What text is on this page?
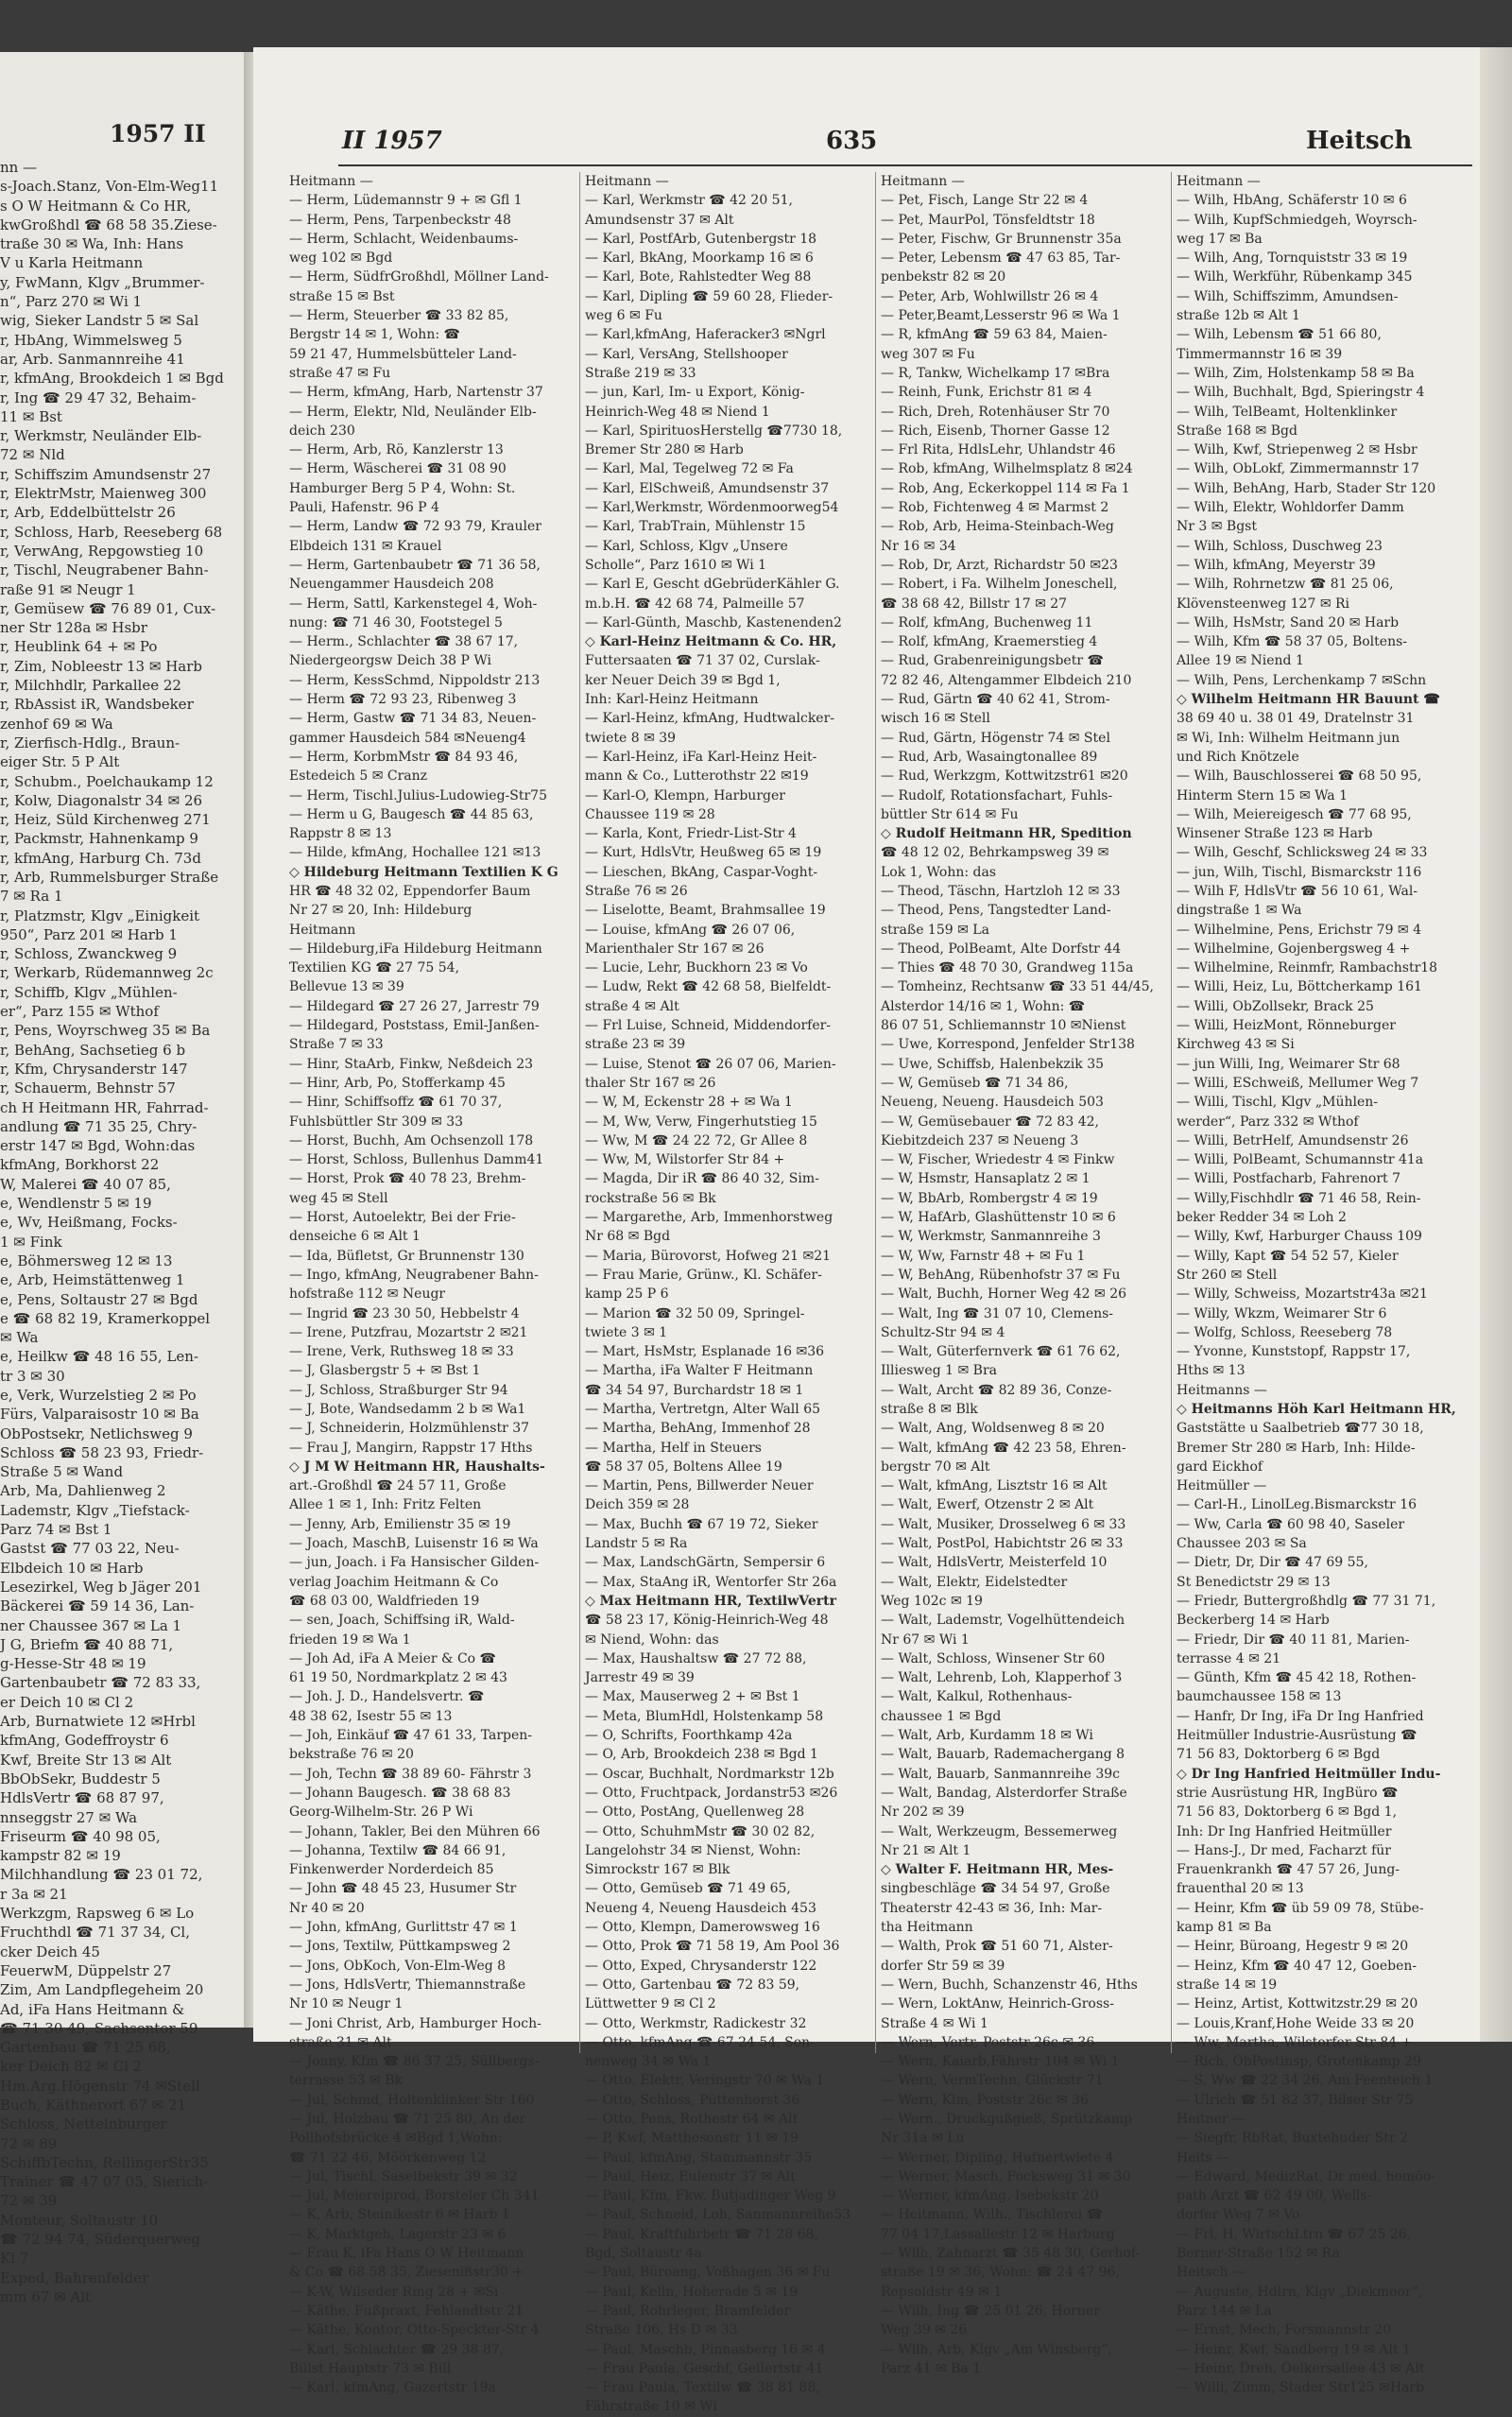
1957 II
nn —
s-Joach.Stanz, Von-Elm-Weg11
s O W Heitmann & Co HR,
kwGroßhdl ☎ 68 58 35.Ziese-
traße 30 ✉ Wa, Inh: Hans
V u Karla Heitmann
y, FwMann, Klgv „Brummer-
n“, Parz 270 ✉ Wi 1
wig, Sieker Landstr 5 ✉ Sal
r, HbAng, Wimmelsweg 5
ar, Arb. Sanmannreihe 41
r, kfmAng, Brookdeich 1 ✉ Bgd
r, Ing ☎ 29 47 32, Behaim-
11 ✉ Bst
r, Werkmstr, Neuländer Elb-
72 ✉ Nld
r, Schiffszim Amundsenstr 27
r, ElektrMstr, Maienweg 300
r, Arb, Eddelbüttelstr 26
r, Schloss, Harb, Reeseberg 68
r, VerwAng, Repgowstieg 10
r, Tischl, Neugrabener Bahn-
raße 91 ✉ Neugr 1
r, Gemüsew ☎ 76 89 01, Cux-
ner Str 128a ✉ Hsbr
r, Heublink 64 + ✉ Po
r, Zim, Nobleestr 13 ✉ Harb
r, Milchhdlr, Parkallee 22
r, RbAssist iR, Wandsbeker
zenhof 69 ✉ Wa
r, Zierfisch-Hdlg., Braun-
eiger Str. 5 P Alt
r, Schubm., Poelchaukamp 12
r, Kolw, Diagonalstr 34 ✉ 26
r, Heiz, Süld Kirchenweg 271
r, Packmstr, Hahnenkamp 9
r, kfmAng, Harburg Ch. 73d
r, Arb, Rummelsburger Straße
7 ✉ Ra 1
r, Platzmstr, Klgv „Einigkeit
950“, Parz 201 ✉ Harb 1
r, Schloss, Zwanckweg 9
r, Werkarb, Rüdemannweg 2c
r, Schiffb, Klgv „Mühlen-
er“, Parz 155 ✉ Wthof
r, Pens, Woyrschweg 35 ✉ Ba
r, BehAng, Sachsetieg 6 b
r, Kfm, Chrysanderstr 147
r, Schauerm, Behnstr 57
ch H Heitmann HR, Fahrrad-
andlung ☎ 71 35 25, Chry-
erstr 147 ✉ Bgd, Wohn:das
kfmAng, Borkhorst 22
W, Malerei ☎ 40 07 85,
e, Wendlenstr 5 ✉ 19
e, Wv, Heißmang, Focks-
1 ✉ Fink
e, Böhmersweg 12 ✉ 13
e, Arb, Heimstättenweg 1
e, Pens, Soltaustr 27 ✉ Bgd
e ☎ 68 82 19, Kramerkoppel
✉ Wa
e, Heilkw ☎ 48 16 55, Len-
tr 3 ✉ 30
e, Verk, Wurzelstieg 2 ✉ Po
Fürs, Valparaisostr 10 ✉ Ba
ObPostsekr, Netlichsweg 9
Schloss ☎ 58 23 93, Friedr-
Straße 5 ✉ Wand
Arb, Ma, Dahlienweg 2
Lademstr, Klgv „Tiefstack-
Parz 74 ✉ Bst 1
Gastst ☎ 77 03 22, Neu-
Elbdeich 10 ✉ Harb
Lesezirkel, Weg b Jäger 201
Bäckerei ☎ 59 14 36, Lan-
ner Chaussee 367 ✉ La 1
J G, Briefm ☎ 40 88 71,
g-Hesse-Str 48 ✉ 19
Gartenbaubetr ☎ 72 83 33,
er Deich 10 ✉ Cl 2
Arb, Burnatwiete 12 ✉Hrbl
kfmAng, Godeffroystr 6
Kwf, Breite Str 13 ✉ Alt
BbObSekr, Buddestr 5
HdlsVertr ☎ 68 87 97,
nnseggstr 27 ✉ Wa
Friseurm ☎ 40 98 05,
kampstr 82 ✉ 19
Milchhandlung ☎ 23 01 72,
r 3a ✉ 21
Werkzgm, Rapsweg 6 ✉ Lo
Fruchthdl ☎ 71 37 34, Cl,
cker Deich 45
FeuerwM, Düppelstr 27
Zim, Am Landpflegeheim 20
Ad, iFa Hans Heitmann &
☎ 71 30 49, Sachsentor 59
Gartenbau ☎ 71 25 68,
ker Deich 82 ✉ Cl 2
Hm.Arg.Högenstr 74 ✉Stell
Buch, Käthnerort 67 ✉ 21
Schloss, Nettelnburger
72 ✉ 89
SchiffbTechn, RellingerStr35
Trainer ☎ 47 07 05, Sierich-
72 ✉ 39
Monteur, Soltaustr 10
☎ 72 94 74, Süderquerweg
Ki 7
Exped, Bahrenfelder
mm 67 ✉ Alt
II 1957	635	Heitsch
Heitmann —
— Herm, Lüdemannstr 9 + ✉ Gfl 1
— Herm, Pens, Tarpenbeckstr 48
— Herm, Schlacht, Weidenbaums-
weg 102 ✉ Bgd
— Herm, SüdfrGroßhdl, Möllner Land-
straße 15 ✉ Bst
— Herm, Steuerber ☎ 33 82 85,
Bergstr 14 ✉ 1, Wohn: ☎
59 21 47, Hummelsbütteler Land-
straße 47 ✉ Fu
— Herm, kfmAng, Harb, Nartenstr 37
— Herm, Elektr, Nld, Neuländer Elb-
deich 230
— Herm, Arb, Rö, Kanzlerstr 13
— Herm, Wäscherei ☎ 31 08 90
Hamburger Berg 5 P 4, Wohn: St.
Pauli, Hafenstr. 96 P 4
— Herm, Landw ☎ 72 93 79, Krauler
Elbdeich 131 ✉ Krauel
— Herm, Gartenbaubetr ☎ 71 36 58,
Neuengammer Hausdeich 208
— Herm, Sattl, Karkenstegel 4, Woh-
nung: ☎ 71 46 30, Footstegel 5
— Herm., Schlachter ☎ 38 67 17,
Niedergeorgsw Deich 38 P Wi
— Herm, KessSchmd, Nippoldstr 213
— Herm ☎ 72 93 23, Ribenweg 3
— Herm, Gastw ☎ 71 34 83, Neuen-
gammer Hausdeich 584 ✉Neueng4
— Herm, KorbmMstr ☎ 84 93 46,
Estedeich 5 ✉ Cranz
— Herm, Tischl.Julius-Ludowieg-Str75
— Herm u G, Baugesch ☎ 44 85 63,
Rappstr 8 ✉ 13
— Hilde, kfmAng, Hochallee 121 ✉13
◇ Hildeburg Heitmann Textilien K G
HR ☎ 48 32 02, Eppendorfer Baum
Nr 27 ✉ 20, Inh: Hildeburg
Heitmann
— Hildeburg,iFa Hildeburg Heitmann
Textilien KG ☎ 27 75 54,
Bellevue 13 ✉ 39
— Hildegard ☎ 27 26 27, Jarrestr 79
— Hildegard, Poststass, Emil-Janßen-
Straße 7 ✉ 33
— Hinr, StaArb, Finkw, Neßdeich 23
— Hinr, Arb, Po, Stofferkamp 45
— Hinr, Schiffsoffz ☎ 61 70 37,
Fuhlsbüttler Str 309 ✉ 33
— Horst, Buchh, Am Ochsenzoll 178
— Horst, Schloss, Bullenhus Damm41
— Horst, Prok ☎ 40 78 23, Brehm-
weg 45 ✉ Stell
— Horst, Autoelektr, Bei der Frie-
denseiche 6 ✉ Alt 1
— Ida, Büfletst, Gr Brunnenstr 130
— Ingo, kfmAng, Neugrabener Bahn-
hofstraße 112 ✉ Neugr
— Ingrid ☎ 23 30 50, Hebbelstr 4
— Irene, Putzfrau, Mozartstr 2 ✉21
— Irene, Verk, Ruthsweg 18 ✉ 33
— J, Glasbergstr 5 + ✉ Bst 1
— J, Schloss, Straßburger Str 94
— J, Bote, Wandsedamm 2 b ✉ Wa1
— J, Schneiderin, Holzmühlenstr 37
— Frau J, Mangirn, Rappstr 17 Hths
◇ J M W Heitmann HR, Haushalts-
art.-Großhdl ☎ 24 57 11, Große
Allee 1 ✉ 1, Inh: Fritz Felten
— Jenny, Arb, Emilienstr 35 ✉ 19
— Joach, MaschB, Luisenstr 16 ✉ Wa
— jun, Joach. i Fa Hansischer Gilden-
verlag Joachim Heitmann & Co
☎ 68 03 00, Waldfrieden 19
— sen, Joach, Schiffsing iR, Wald-
frieden 19 ✉ Wa 1
— Joh Ad, iFa A Meier & Co ☎
61 19 50, Nordmarkplatz 2 ✉ 43
— Joh. J. D., Handelsvertr. ☎
48 38 62, Isestr 55 ✉ 13
— Joh, Einkäuf ☎ 47 61 33, Tarpen-
bekstraße 76 ✉ 20
— Joh, Techn ☎ 38 89 60- Fährstr 3
— Johann Baugesch. ☎ 38 68 83
Georg-Wilhelm-Str. 26 P Wi
— Johann, Takler, Bei den Mühren 66
— Johanna, Textilw ☎ 84 66 91,
Finkenwerder Norderdeich 85
— John ☎ 48 45 23, Husumer Str
Nr 40 ✉ 20
— John, kfmAng, Gurlittstr 47 ✉ 1
— Jons, Textilw, Püttkampsweg 2
— Jons, ObKoch, Von-Elm-Weg 8
— Jons, HdlsVertr, Thiemannstraße
Nr 10 ✉ Neugr 1
— Joni Christ, Arb, Hamburger Hoch-
straße 31 ✉ Alt
— Jonny, Kfm ☎ 86 37 25, Süllbergs-
terrasse 53 ✉ Bk
— Jul, Schmd, Holtenklinker Str 160
— Jul, Holzbau ☎ 71 25 80, An der
Pollhofsbrücke 4 ✉Bgd 1,Wohn:
☎ 71 22 46, Möörkenweg 12
— Jul, Tischl, Saselbekstr 39 ✉ 32
— Jul, Meiereiprod, Borsteler Ch 341
— K, Arb, Steinikestr 6 ✉ Harb 1
— K, Marktgeh, Lagerstr 23 ✉ 6
— Frau K, iFa Hans O W Heitmann
& Co ☎ 68 58 35, Ziesenißstr30 +
— K-W, Wilseder Ring 28 + ✉Si
— Käthe, Fußpraxt, Fehlandtstr 21
— Käthe, Kontor, Otto-Speckter-Str 4
— Karl, Schlachter ☎ 29 38 87,
Billst Hauptstr 73 ✉ Bill
— Karl, kfmAng, Gazertstr 19a
Heitmann —
— Karl, Werkmstr ☎ 42 20 51,
Amundsenstr 37 ✉ Alt
— Karl, PostfArb, Gutenbergstr 18
— Karl, BkAng, Moorkamp 16 ✉ 6
— Karl, Bote, Rahlstedter Weg 88
— Karl, Dipling ☎ 59 60 28, Flieder-
weg 6 ✉ Fu
— Karl,kfmAng, Haferacker3 ✉Ngrl
— Karl, VersAng, Stellshooper
Straße 219 ✉ 33
— jun, Karl, Im- u Export, König-
Heinrich-Weg 48 ✉ Niend 1
— Karl, SpirituosHerstellg ☎7730 18,
Bremer Str 280 ✉ Harb
— Karl, Mal, Tegelweg 72 ✉ Fa
— Karl, ElSchweiß, Amundsenstr 37
— Karl,Werkmstr, Wördenmoorweg54
— Karl, TrabTrain, Mühlenstr 15
— Karl, Schloss, Klgv „Unsere
Scholle“, Parz 1610 ✉ Wi 1
— Karl E, Gescht dGebrüderKähler G.
m.b.H. ☎ 42 68 74, Palmeille 57
— Karl-Günth, Maschb, Kastenenden2
◇ Karl-Heinz Heitmann & Co. HR,
Futtersaaten ☎ 71 37 02, Curslak-
ker Neuer Deich 39 ✉ Bgd 1,
Inh: Karl-Heinz Heitmann
— Karl-Heinz, kfmAng, Hudtwalcker-
twiete 8 ✉ 39
— Karl-Heinz, iFa Karl-Heinz Heit-
mann & Co., Lutterothstr 22 ✉19
— Karl-O, Klempn, Harburger
Chaussee 119 ✉ 28
— Karla, Kont, Friedr-List-Str 4
— Kurt, HdlsVtr, Heußweg 65 ✉ 19
— Lieschen, BkAng, Caspar-Voght-
Straße 76 ✉ 26
— Liselotte, Beamt, Brahmsallee 19
— Louise, kfmAng ☎ 26 07 06,
Marienthaler Str 167 ✉ 26
— Lucie, Lehr, Buckhorn 23 ✉ Vo
— Ludw, Rekt ☎ 42 68 58, Bielfeldt-
straße 4 ✉ Alt
— Frl Luise, Schneid, Middendorfer-
straße 23 ✉ 39
— Luise, Stenot ☎ 26 07 06, Marien-
thaler Str 167 ✉ 26
— W, M, Eckenstr 28 + ✉ Wa 1
— M, Ww, Verw, Fingerhutstieg 15
— Ww, M ☎ 24 22 72, Gr Allee 8
— Ww, M, Wilstorfer Str 84 +
— Magda, Dir iR ☎ 86 40 32, Sim-
rockstraße 56 ✉ Bk
— Margarethe, Arb, Immenhorstweg
Nr 68 ✉ Bgd
— Maria, Bürovorst, Hofweg 21 ✉21
— Frau Marie, Grünw., Kl. Schäfer-
kamp 25 P 6
— Marion ☎ 32 50 09, Springel-
twiete 3 ✉ 1
— Mart, HsMstr, Esplanade 16 ✉36
— Martha, iFa Walter F Heitmann
☎ 34 54 97, Burchardstr 18 ✉ 1
— Martha, Vertretgn, Alter Wall 65
— Martha, BehAng, Immenhof 28
— Martha, Helf in Steuers
☎ 58 37 05, Boltens Allee 19
— Martin, Pens, Billwerder Neuer
Deich 359 ✉ 28
— Max, Buchh ☎ 67 19 72, Sieker
Landstr 5 ✉ Ra
— Max, LandschGärtn, Sempersir 6
— Max, StaAng iR, Wentorfer Str 26a
◇ Max Heitmann HR, TextilwVertr
☎ 58 23 17, König-Heinrich-Weg 48
✉ Niend, Wohn: das
— Max, Haushaltsw ☎ 27 72 88,
Jarrestr 49 ✉ 39
— Max, Mauserweg 2 + ✉ Bst 1
— Meta, BlumHdl, Holstenkamp 58
— O, Schrifts, Foorthkamp 42a
— O, Arb, Brookdeich 238 ✉ Bgd 1
— Oscar, Buchhalt, Nordmarkstr 12b
— Otto, Fruchtpack, Jordanstr53 ✉26
— Otto, PostAng, Quellenweg 28
— Otto, SchuhmMstr ☎ 30 02 82,
Langelohstr 34 ✉ Nienst, Wohn:
Simrockstr 167 ✉ Blk
— Otto, Gemüseb ☎ 71 49 65,
Neueng 4, Neueng Hausdeich 453
— Otto, Klempn, Damerowsweg 16
— Otto, Prok ☎ 71 58 19, Am Pool 36
— Otto, Exped, Chrysanderstr 122
— Otto, Gartenbau ☎ 72 83 59,
Lüttwetter 9 ✉ Cl 2
— Otto, Werkmstr, Radickestr 32
— Otto, kfmAng ☎ 67 24 54, Son-
nenweg 34 ✉ Wa 1
— Otto, Elektr, Veringstr 70 ✉ Wa 1
— Otto, Schloss, Püttenhorst 36
— Otto, Pens, Rothestr 64 ✉ Alt
— P, Kwf, Matthesonstr 11 ✉ 19
— Paul, kfmAng, Stammannstr 35
— Paul, Heiz, Eulenstr 37 ✉ Alt
— Paul, Kfm, Fkw, Butjadinger Weg 9
— Paul, Schneid, Loh, Sanmannreihe53
— Paul, Kraftfuhrbetr ☎ 71 28 68,
Bgd, Soltaustr 4a
— Paul, Büroang, Voßhagen 36 ✉ Fu
— Paul, Kelln, Hoherade 5 ✉ 19
— Paul, Rohrleger, Bramfelder
Straße 106, Hs D ✉ 33
— Paul, Maschb, Pinnasberg 16 ✉ 4
— Frau Paula, Geschf, Gellertstr 41
— Frau Paula, Textilw ☎ 38 81 88,
Fährstraße 10 ✉ Wi
Heitmann —
— Pet, Fisch, Lange Str 22 ✉ 4
— Pet, MaurPol, Tönsfeldtstr 18
— Peter, Fischw, Gr Brunnenstr 35a
— Peter, Lebensm ☎ 47 63 85, Tar-
penbekstr 82 ✉ 20
— Peter, Arb, Wohlwillstr 26 ✉ 4
— Peter,Beamt,Lesserstr 96 ✉ Wa 1
— R, kfmAng ☎ 59 63 84, Maien-
weg 307 ✉ Fu
— R, Tankw, Wichelkamp 17 ✉Bra
— Reinh, Funk, Erichstr 81 ✉ 4
— Rich, Dreh, Rotenhäuser Str 70
— Rich, Eisenb, Thorner Gasse 12
— Frl Rita, HdlsLehr, Uhlandstr 46
— Rob, kfmAng, Wilhelmsplatz 8 ✉24
— Rob, Ang, Eckerkoppel 114 ✉ Fa 1
— Rob, Fichtenweg 4 ✉ Marmst 2
— Rob, Arb, Heima-Steinbach-Weg
Nr 16 ✉ 34
— Rob, Dr, Arzt, Richardstr 50 ✉23
— Robert, i Fa. Wilhelm Joneschell,
☎ 38 68 42, Billstr 17 ✉ 27
— Rolf, kfmAng, Buchenweg 11
— Rolf, kfmAng, Kraemerstieg 4
— Rud, Grabenreinigungsbetr ☎
72 82 46, Altengammer Elbdeich 210
— Rud, Gärtn ☎ 40 62 41, Strom-
wisch 16 ✉ Stell
— Rud, Gärtn, Högenstr 74 ✉ Stel
— Rud, Arb, Wasaingtonallee 89
— Rud, Werkzgm, Kottwitzstr61 ✉20
— Rudolf, Rotationsfachart, Fuhls-
büttler Str 614 ✉ Fu
◇ Rudolf Heitmann HR, Spedition
☎ 48 12 02, Behrkampsweg 39 ✉
Lok 1, Wohn: das
— Theod, Täschn, Hartzloh 12 ✉ 33
— Theod, Pens, Tangstedter Land-
straße 159 ✉ La
— Theod, PolBeamt, Alte Dorfstr 44
— Thies ☎ 48 70 30, Grandweg 115a
— Tomheinz, Rechtsanw ☎ 33 51 44/45,
Alsterdor 14/16 ✉ 1, Wohn: ☎
86 07 51, Schliemannstr 10 ✉Nienst
— Uwe, Korrespond, Jenfelder Str138
— Uwe, Schiffsb, Halenbekzik 35
— W, Gemüseb ☎ 71 34 86,
Neueng, Neueng. Hausdeich 503
— W, Gemüsebauer ☎ 72 83 42,
Kiebitzdeich 237 ✉ Neueng 3
— W, Fischer, Wriedestr 4 ✉ Finkw
— W, Hsmstr, Hansaplatz 2 ✉ 1
— W, BbArb, Rombergstr 4 ✉ 19
— W, HafArb, Glashüttenstr 10 ✉ 6
— W, Werkmstr, Sanmannreihe 3
— W, Ww, Farnstr 48 + ✉ Fu 1
— W, BehAng, Rübenhofstr 37 ✉ Fu
— Walt, Buchh, Horner Weg 42 ✉ 26
— Walt, Ing ☎ 31 07 10, Clemens-
Schultz-Str 94 ✉ 4
— Walt, Güterfernverk ☎ 61 76 62,
Illiesweg 1 ✉ Bra
— Walt, Archt ☎ 82 89 36, Conze-
straße 8 ✉ Blk
— Walt, Ang, Woldsenweg 8 ✉ 20
— Walt, kfmAng ☎ 42 23 58, Ehren-
bergstr 70 ✉ Alt
— Walt, kfmAng, Lisztstr 16 ✉ Alt
— Walt, Ewerf, Otzenstr 2 ✉ Alt
— Walt, Musiker, Drosselweg 6 ✉ 33
— Walt, PostPol, Habichtstr 26 ✉ 33
— Walt, HdlsVertr, Meisterfeld 10
— Walt, Elektr, Eidelstedter
Weg 102c ✉ 19
— Walt, Lademstr, Vogelhüttendeich
Nr 67 ✉ Wi 1
— Walt, Schloss, Winsener Str 60
— Walt, Lehrenb, Loh, Klapperhof 3
— Walt, Kalkul, Rothenhaus-
chaussee 1 ✉ Bgd
— Walt, Arb, Kurdamm 18 ✉ Wi
— Walt, Bauarb, Rademachergang 8
— Walt, Bauarb, Sanmannreihe 39c
— Walt, Bandag, Alsterdorfer Straße
Nr 202 ✉ 39
— Walt, Werkzeugm, Bessemerweg
Nr 21 ✉ Alt 1
◇ Walter F. Heitmann HR, Mes-
singbeschläge ☎ 34 54 97, Große
Theaterstr 42-43 ✉ 36, Inh: Mar-
tha Heitmann
— Walth, Prok ☎ 51 60 71, Alster-
dorfer Str 59 ✉ 39
— Wern, Buchh, Schanzenstr 46, Hths
— Wern, LoktAnw, Heinrich-Gross-
Straße 4 ✉ Wi 1
— Wern, Vertr, Poststr 26c ✉ 36
— Wern, Kaiarb,Fährstr 104 ✉ Wi 1
— Wern, VermTechn, Glückstr 71
— Wern, Klm, Poststr 26c ✉ 36
— Wern., Druckgußgieß, Sprützkamp
Nr 31a ✉ Lu
— Werner, Dipling, Hufnertwiete 4
— Werner, Masch, Focksweg 31 ✉ 30
— Werner, kfmAng, Isebekstr 20
— Heitmann, Wilh., Tischlerei ☎
77 04 17,Lassallestr 12 ✉ Harburg
— Wilh, Zahnarzt ☎ 35 48 30, Gerhof-
straße 19 ✉ 36, Wohn: ☎ 24 47 96,
Repsoldstr 49 ✉ 1
— Wilh, Ing ☎ 25 01 26, Horner
Weg 39 ✉ 26
— Wilh, Arb, Klgv „Am Winsberg“,
Parz 41 ✉ Ba 1
Heitmann —
— Wilh, HbAng, Schäferstr 10 ✉ 6
— Wilh, KupfSchmiedgeh, Woyrsch-
weg 17 ✉ Ba
— Wilh, Ang, Tornquiststr 33 ✉ 19
— Wilh, Werkführ, Rübenkamp 345
— Wilh, Schiffszimm, Amundsen-
straße 12b ✉ Alt 1
— Wilh, Lebensm ☎ 51 66 80,
Timmermannstr 16 ✉ 39
— Wilh, Zim, Holstenkamp 58 ✉ Ba
— Wilh, Buchhalt, Bgd, Spieringstr 4
— Wilh, TelBeamt, Holtenklinker
Straße 168 ✉ Bgd
— Wilh, Kwf, Striepenweg 2 ✉ Hsbr
— Wilh, ObLokf, Zimmermannstr 17
— Wilh, BehAng, Harb, Stader Str 120
— Wilh, Elektr, Wohldorfer Damm
Nr 3 ✉ Bgst
— Wilh, Schloss, Duschweg 23
— Wilh, kfmAng, Meyerstr 39
— Wilh, Rohrnetzw ☎ 81 25 06,
Klövensteenweg 127 ✉ Ri
— Wilh, HsMstr, Sand 20 ✉ Harb
— Wilh, Kfm ☎ 58 37 05, Boltens-
Allee 19 ✉ Niend 1
— Wilh, Pens, Lerchenkamp 7 ✉Schn
◇ Wilhelm Heitmann HR Bauunt ☎
38 69 40 u. 38 01 49, Dratelnstr 31
✉ Wi, Inh: Wilhelm Heitmann jun
und Rich Knötzele
— Wilh, Bauschlosserei ☎ 68 50 95,
Hinterm Stern 15 ✉ Wa 1
— Wilh, Meiereigesch ☎ 77 68 95,
Winsener Straße 123 ✉ Harb
— Wilh, Geschf, Schlicksweg 24 ✉ 33
— jun, Wilh, Tischl, Bismarckstr 116
— Wilh F, HdlsVtr ☎ 56 10 61, Wal-
dingstraße 1 ✉ Wa
— Wilhelmine, Pens, Erichstr 79 ✉ 4
— Wilhelmine, Gojenbergsweg 4 +
— Wilhelmine, Reinmfr, Rambachstr18
— Willi, Heiz, Lu, Böttcherkamp 161
— Willi, ObZollsekr, Brack 25
— Willi, HeizMont, Rönneburger
Kirchweg 43 ✉ Si
— jun Willi, Ing, Weimarer Str 68
— Willi, ESchweiß, Mellumer Weg 7
— Willi, Tischl, Klgv „Mühlen-
werder“, Parz 332 ✉ Wthof
— Willi, BetrHelf, Amundsenstr 26
— Willi, PolBeamt, Schumannstr 41a
— Willi, Postfacharb, Fahrenort 7
— Willy,Fischhdlr ☎ 71 46 58, Rein-
beker Redder 34 ✉ Loh 2
— Willy, Kwf, Harburger Chauss 109
— Willy, Kapt ☎ 54 52 57, Kieler
Str 260 ✉ Stell
— Willy, Schweiss, Mozartstr43a ✉21
— Willy, Wkzm, Weimarer Str 6
— Wolfg, Schloss, Reeseberg 78
— Yvonne, Kunststopf, Rappstr 17,
Hths ✉ 13
Heitmanns —
◇ Heitmanns Höh Karl Heitmann HR,
Gaststätte u Saalbetrieb ☎77 30 18,
Bremer Str 280 ✉ Harb, Inh: Hilde-
gard Eickhof
Heitmüller —
— Carl-H., LinolLeg.Bismarckstr 16
— Ww, Carla ☎ 60 98 40, Saseler
Chaussee 203 ✉ Sa
— Dietr, Dr, Dir ☎ 47 69 55,
St Benedictstr 29 ✉ 13
— Friedr, Buttergroßhdlg ☎ 77 31 71,
Beckerberg 14 ✉ Harb
— Friedr, Dir ☎ 40 11 81, Marien-
terrasse 4 ✉ 21
— Günth, Kfm ☎ 45 42 18, Rothen-
baumchaussee 158 ✉ 13
— Hanfr, Dr Ing, iFa Dr Ing Hanfried
Heitmüller Industrie-Ausrüstung ☎
71 56 83, Doktorberg 6 ✉ Bgd
◇ Dr Ing Hanfried Heitmüller Indu-
strie Ausrüstung HR, IngBüro ☎
71 56 83, Doktorberg 6 ✉ Bgd 1,
Inh: Dr Ing Hanfried Heitmüller
— Hans-J., Dr med, Facharzt für
Frauenkrankh ☎ 47 57 26, Jung-
frauenthal 20 ✉ 13
— Heinr, Kfm ☎ üb 59 09 78, Stübe-
kamp 81 ✉ Ba
— Heinr, Büroang, Hegestr 9 ✉ 20
— Heinz, Kfm ☎ 40 47 12, Goeben-
straße 14 ✉ 19
— Heinz, Artist, Kottwitzstr.29 ✉ 20
— Louis,Kranf,Hohe Weide 33 ✉ 20
— Ww, Martha, Wilstorfer Str 84 +
— Rich, ObPostinsp, Grotenkamp 29
— S, Ww ☎ 22 34 26, Am Feenteich 1
— Ulrich ☎ 51 82 37, Bilser Str 75
Heitner —
— Siegfr, RbRat, Buxtehuder Str 2
Heits —
— Edward, MedizRat, Dr med, homöo-
path Arzt ☎ 62 49 00, Wells-
dorfer Weg 7 ✉ Vo
— Frl, H, WirtschLtrn ☎ 67 25 26,
Berner-Straße 152 ✉ Ra
Heitsch —
— Auguste, Hdlrn, Klgv „Diekmoor“,
Parz 144 ✉ La
— Ernst, Mech, Forsmannstr 20
— Heinr, Kwf, Sandberg 19 ✉ Alt 1
— Heinr, Dreh, Oelkersallee 43 ✉ Alt
— Willi, Zimm, Stader Str125 ✉Harb
